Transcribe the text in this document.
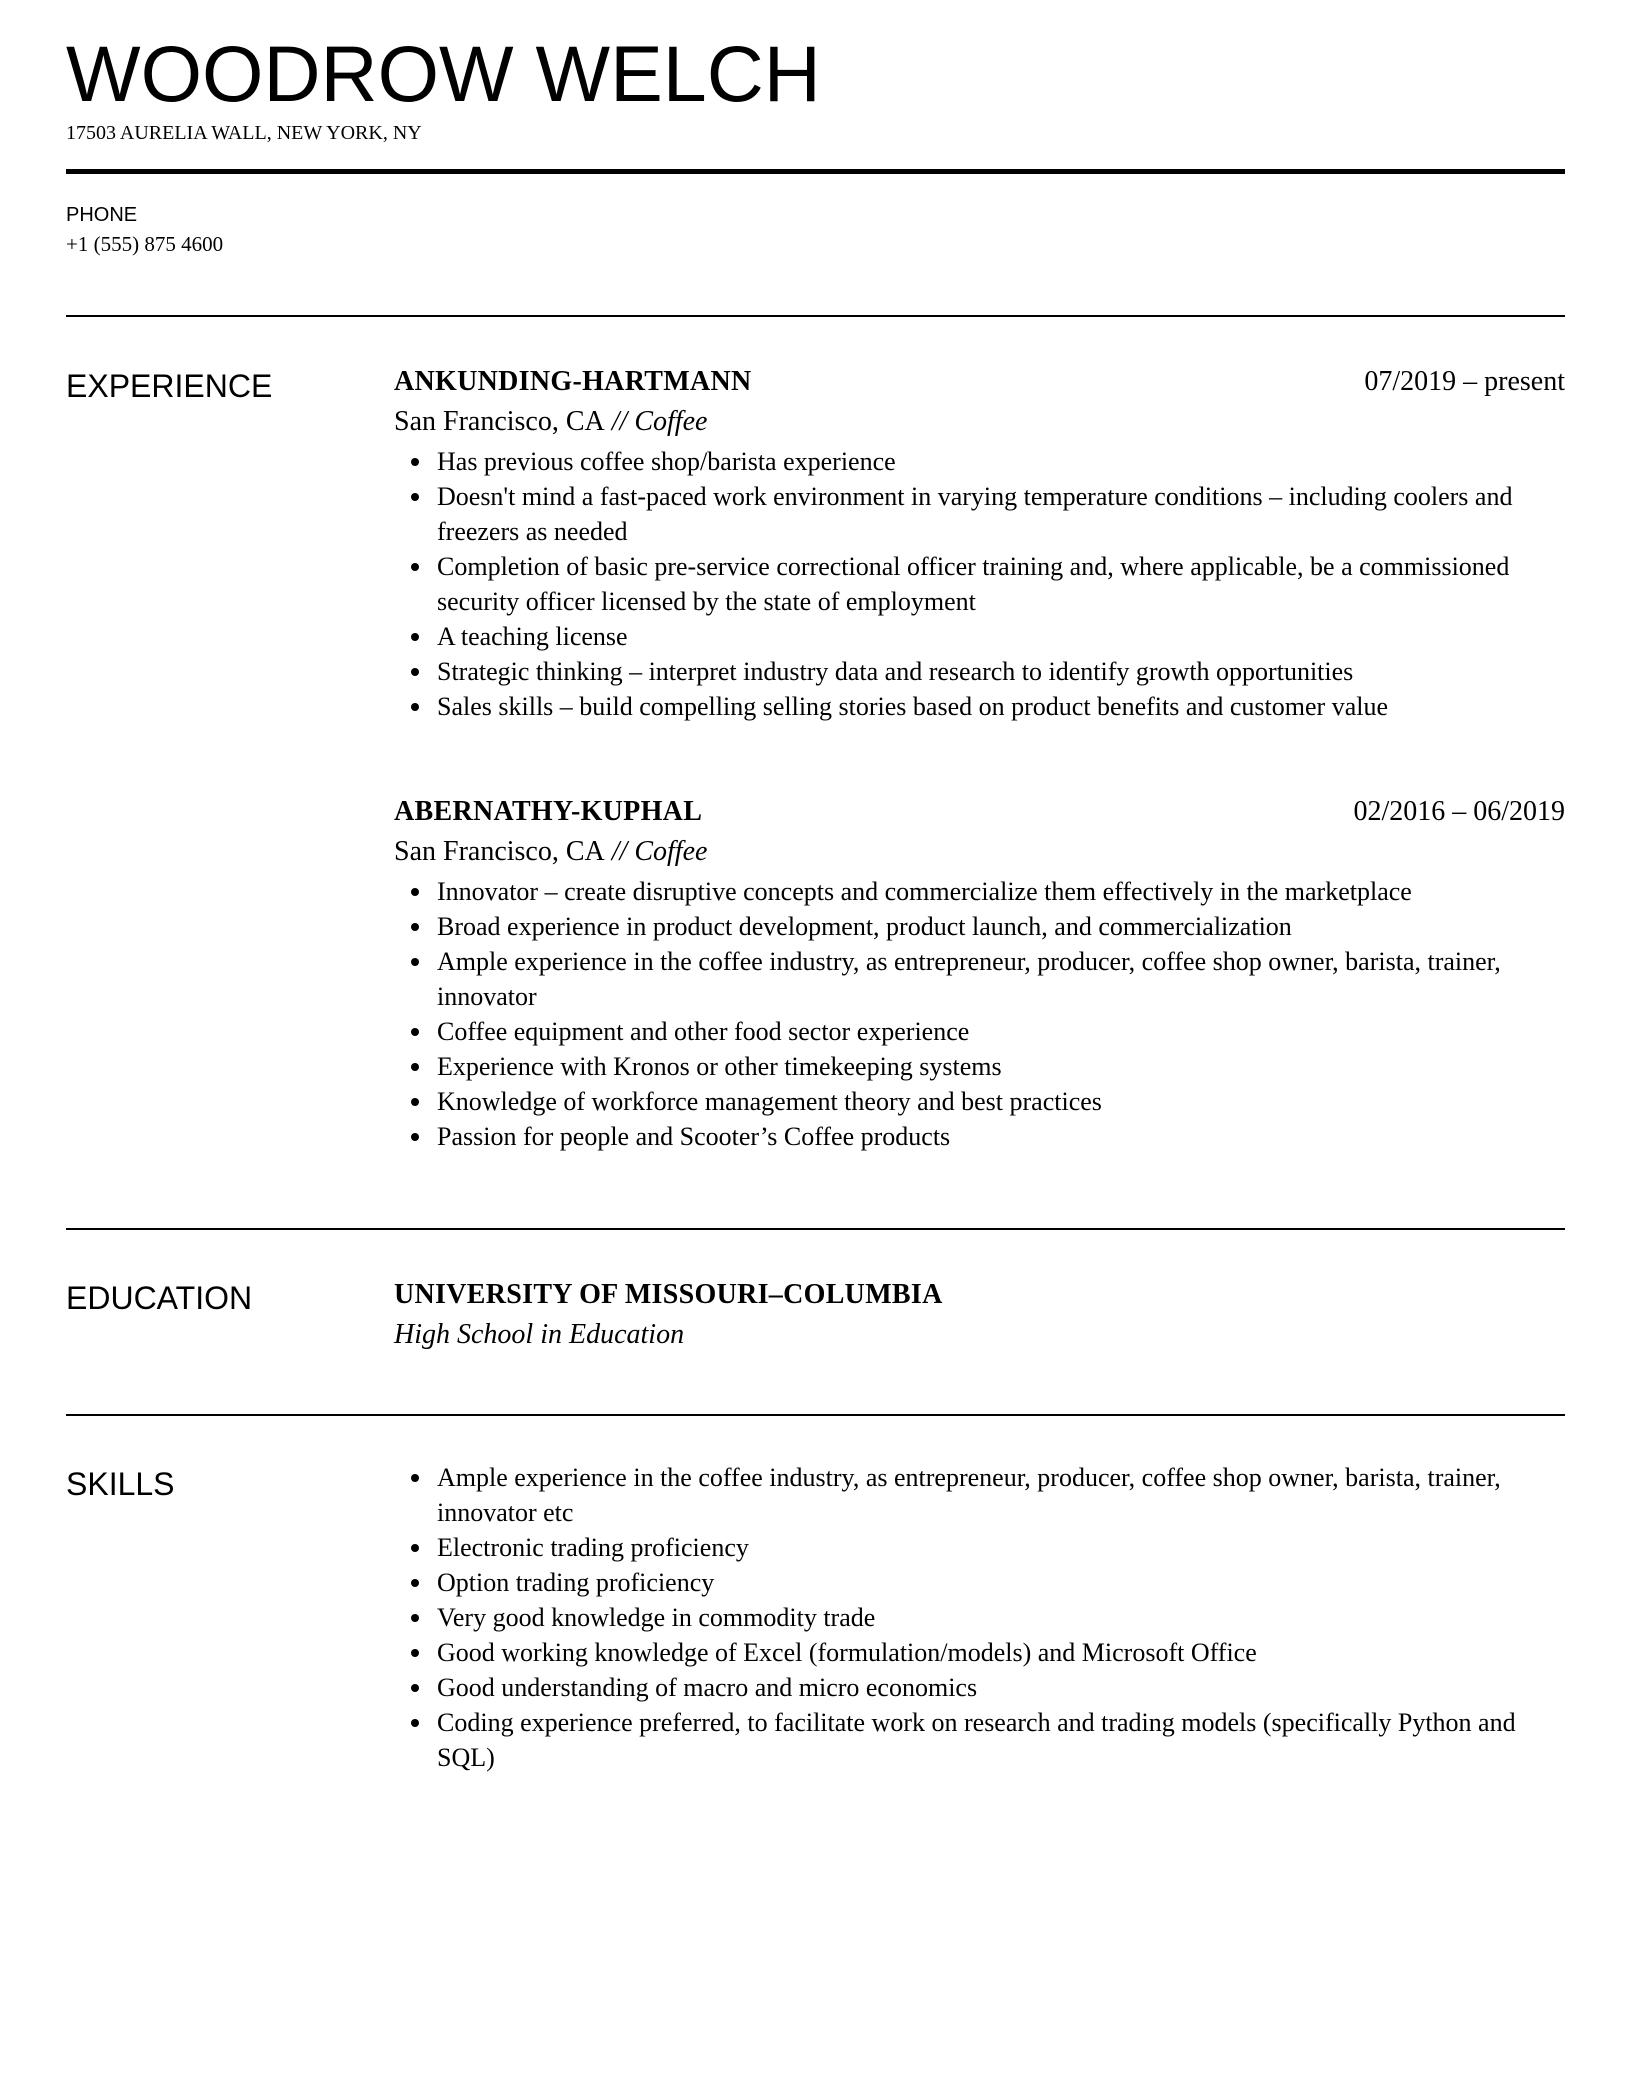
WOODROW WELCH
17503 AURELIA WALL, NEW YORK, NY
PHONE
+1 (555) 875 4600
EXPERIENCE	ANKUNDING-HARTMANN	07/2019 – present
San Francisco, CA // Coffee
Has previous coffee shop/barista experience
Doesn't mind a fast-paced work environment in varying temperature conditions – including coolers and freezers as needed
Completion of basic pre-service correctional officer training and, where applicable, be a commissioned security officer licensed by the state of employment
A teaching license
Strategic thinking – interpret industry data and research to identify growth opportunities
Sales skills – build compelling selling stories based on product benefits and customer value
ABERNATHY-KUPHAL	02/2016 – 06/2019
San Francisco, CA // Coffee
Innovator – create disruptive concepts and commercialize them effectively in the marketplace
Broad experience in product development, product launch, and commercialization
Ample experience in the coffee industry, as entrepreneur, producer, coffee shop owner, barista, trainer, innovator
Coffee equipment and other food sector experience
Experience with Kronos or other timekeeping systems
Knowledge of workforce management theory and best practices
Passion for people and Scooter’s Coffee products
EDUCATION	UNIVERSITY OF MISSOURI–COLUMBIA
High School in Education
SKILLS	Ample experience in the coffee industry, as entrepreneur, producer, coffee shop owner, barista, trainer, innovator etc
Electronic trading proficiency
Option trading proficiency
Very good knowledge in commodity trade
Good working knowledge of Excel (formulation/models) and Microsoft Office
Good understanding of macro and micro economics
Coding experience preferred, to facilitate work on research and trading models (specifically Python and SQL)
